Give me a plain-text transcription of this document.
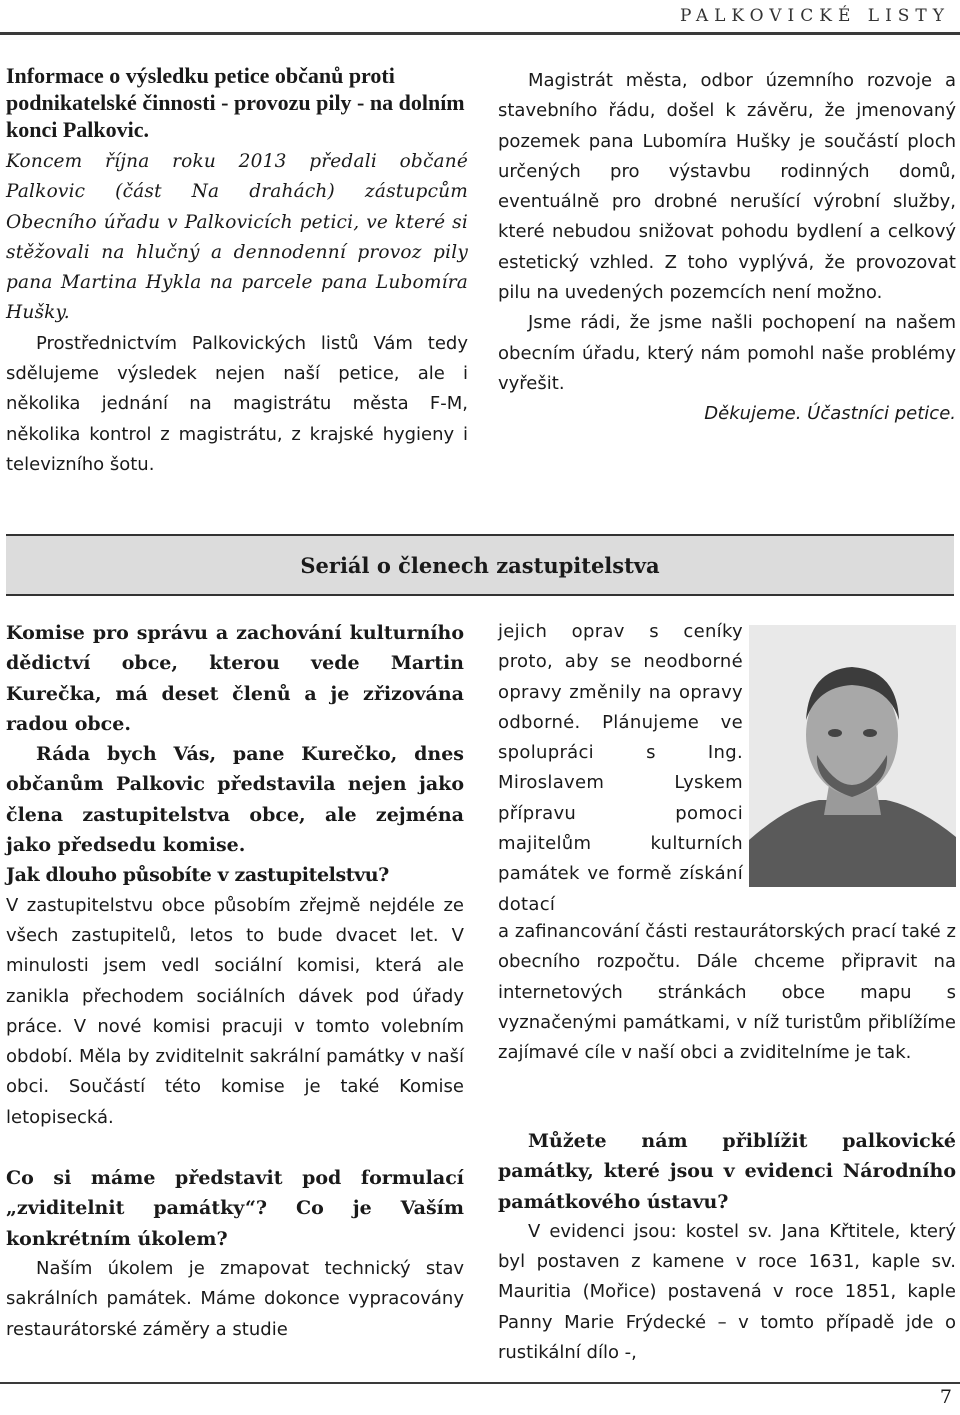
PALKOVICKÉ LISTY

Informace o výsledku petice občanů proti podnikatelské činnosti - provozu pily - na dolním konci Palkovic.

Koncem října roku 2013 předali občané Palkovic (část Na drahách) zástupcům Obecního úřadu v Palkovicích petici, ve které si stěžovali na hlučný a dennodenní provoz pily pana Martina Hykla na parcele pana Lubomíra Hušky.

Prostřednictvím Palkovických listů Vám tedy sdělujeme výsledek nejen naší petice, ale i několika jednání na magistrátu města F-M, několika kontrol z magistrátu, z krajské hygieny i televizního šotu.

Magistrát města, odbor územního rozvoje a stavebního řádu, došel k závěru, že jmenovaný pozemek pana Lubomíra Hušky je součástí ploch určených pro výstavbu rodinných domů, eventuálně pro drobné nerušící výrobní služby, které nebudou snižovat pohodu bydlení a celkový estetický vzhled. Z toho vyplývá, že provozovat pilu na uvedených pozemcích není možno.

Jsme rádi, že jsme našli pochopení na našem obecním úřadu, který nám pomohl naše problémy vyřešit.

Děkujeme. Účastníci petice.

Seriál o členech zastupitelstva

Komise pro správu a zachování kulturního dědictví obce, kterou vede Martin Kurečka, má deset členů a je zřizována radou obce.

Ráda bych Vás, pane Kurečko, dnes občanům Palkovic představila nejen jako člena zastupitelstva obce, ale zejména jako předsedu komise.

Jak dlouho působíte v zastupitelstvu?

V zastupitelstvu obce působím zřejmě nejdéle ze všech zastupitelů, letos to bude dvacet let. V minulosti jsem vedl sociální komisi, která ale zanikla přechodem sociálních dávek pod úřady práce. V nové komisi pracuji v tomto volebním období. Měla by zviditelnit sakrální památky v naší obci. Součástí této komise je také Komise letopisecká.

Co si máme představit pod formulací „zviditelnit památky“? Co je Vaším konkrétním úkolem?

Naším úkolem je zmapovat technický stav sakrálních památek. Máme dokonce vypracovány restaurátorské záměry a studie

jejich oprav s ceníky proto, aby se neodborné opravy změnily na opravy odborné. Plánujeme ve spolupráci s Ing. Miroslavem Lyskem přípravu pomoci majitelům kulturních památek ve formě získání dotací

a zafinancování části restaurátorských prací také z obecního rozpočtu. Dále chceme připravit na internetových stránkách obce mapu s vyznačenými památkami, v níž turistům přiblížíme zajímavé cíle v naší obci a zviditelníme je tak.

Můžete nám přiblížit palkovické památky, které jsou v evidenci Národního památkového ústavu?

V evidenci jsou: kostel sv. Jana Křtitele, který byl postaven z kamene v roce 1631, kaple sv. Mauritia (Mořice) postavená v roce 1851, kaple Panny Marie Frýdecké – v tomto případě jde o rustikální dílo -,

7
